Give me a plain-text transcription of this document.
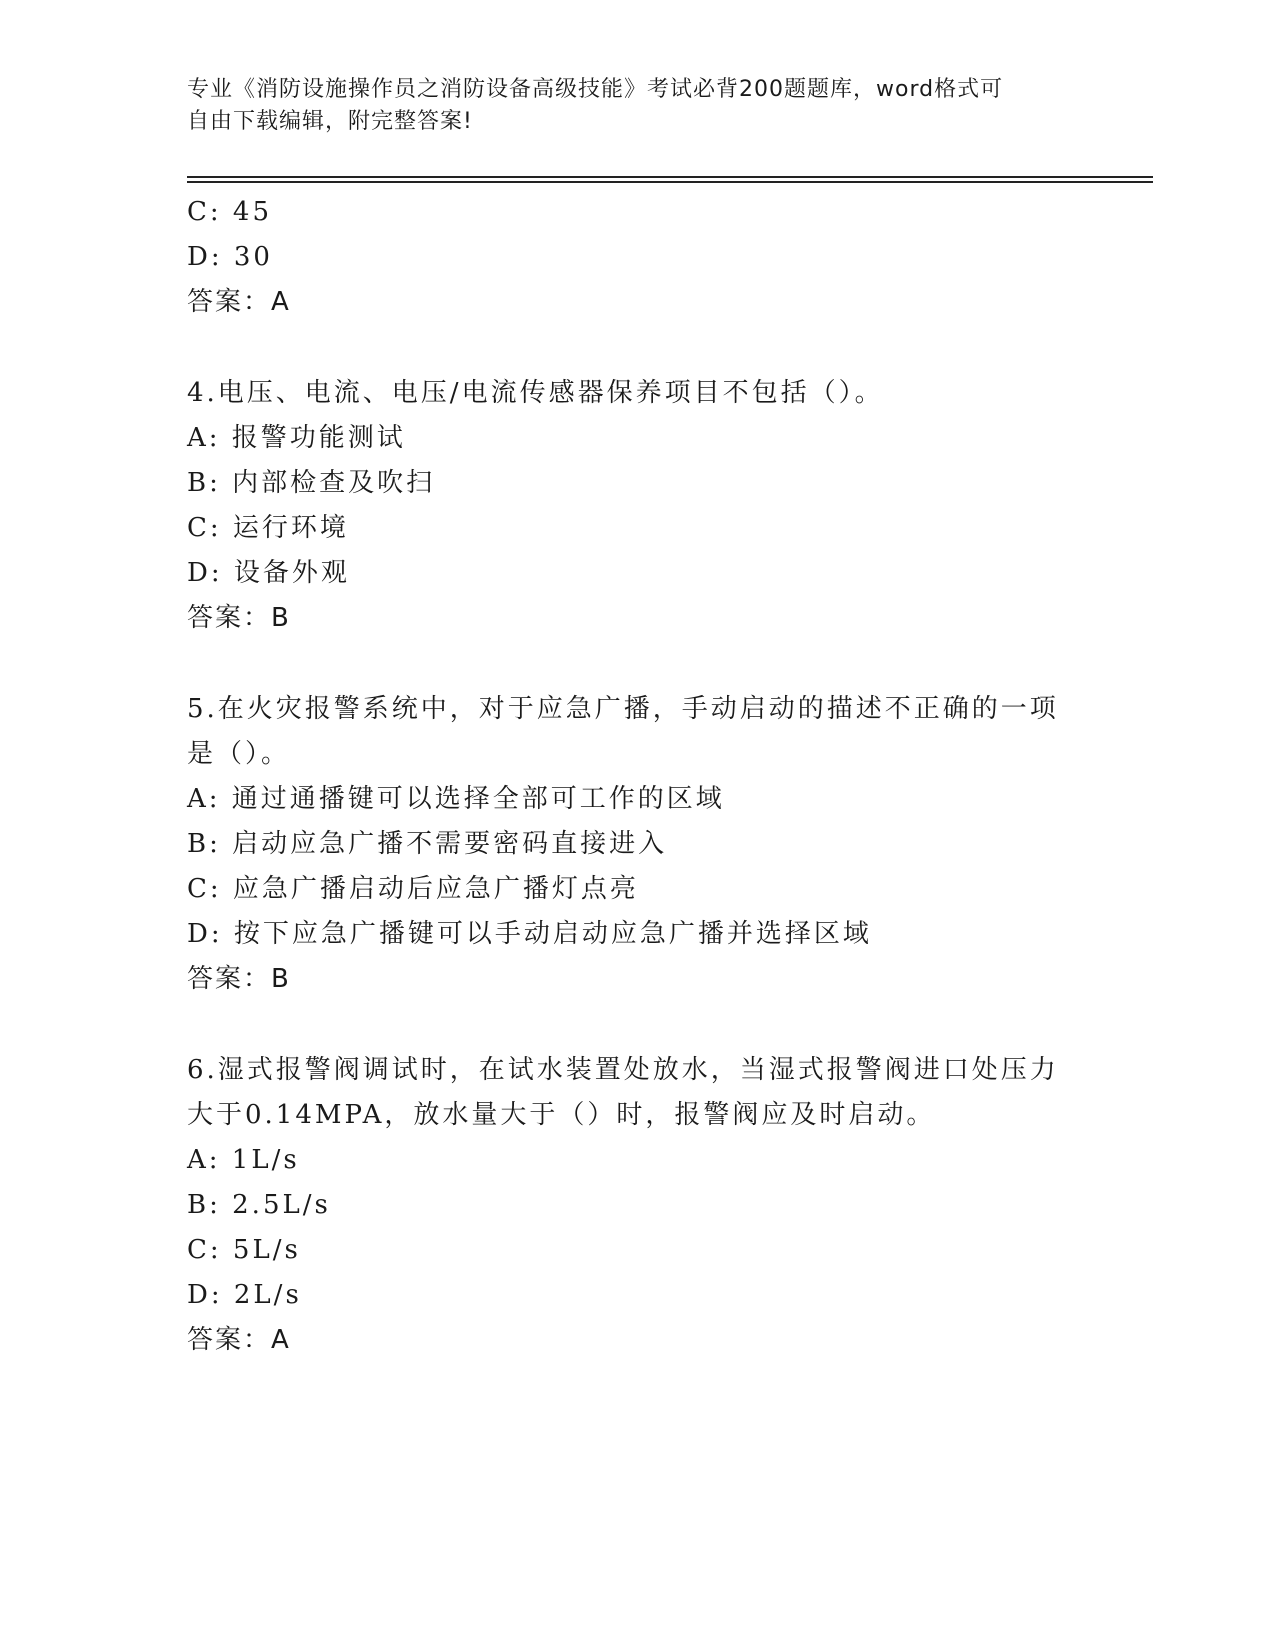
专业《消防设施操作员之消防设备高级技能》考试必背200题题库，word格式可
自由下载编辑，附完整答案!
C: 45
D: 30
答案：A
4.电压、电流、电压/电流传感器保养项目不包括（）。
A: 报警功能测试
B: 内部检查及吹扫
C: 运行环境
D: 设备外观
答案：B
5.在火灾报警系统中，对于应急广播，手动启动的描述不正确的一项
是（）。
A: 通过通播键可以选择全部可工作的区域
B: 启动应急广播不需要密码直接进入
C: 应急广播启动后应急广播灯点亮
D: 按下应急广播键可以手动启动应急广播并选择区域
答案：B
6.湿式报警阀调试时，在试水装置处放水，当湿式报警阀进口处压力
大于0.14MPA，放水量大于（）时，报警阀应及时启动。
A: 1L/s
B: 2.5L/s
C: 5L/s
D: 2L/s
答案：A
